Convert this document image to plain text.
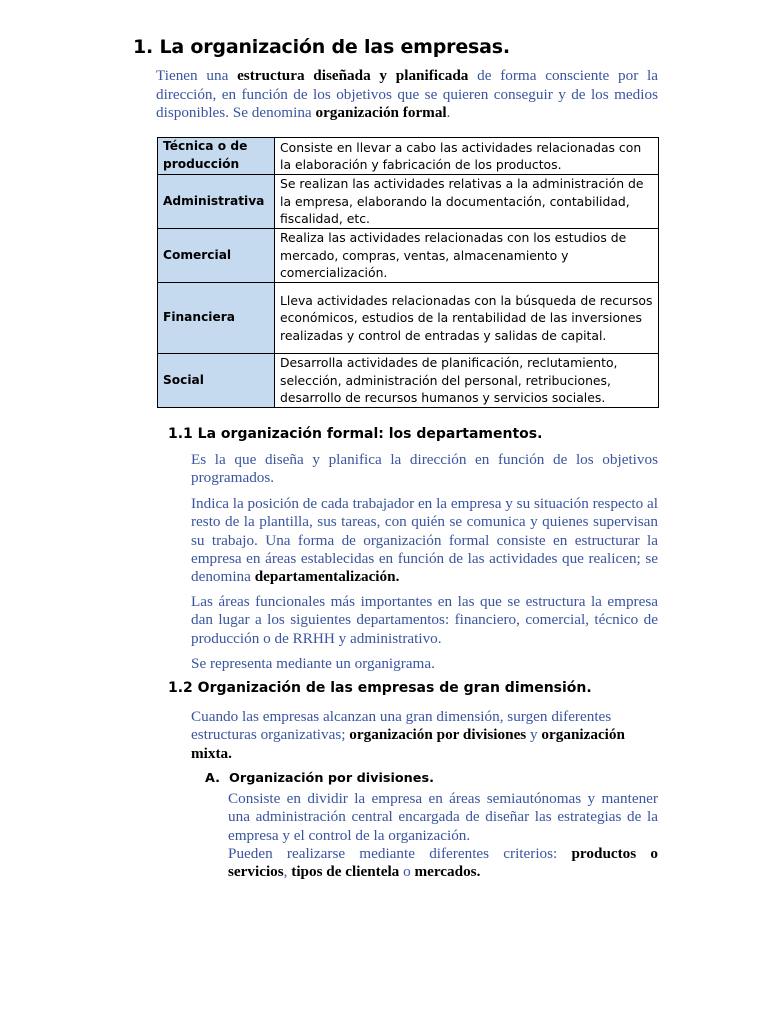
1. La organización de las empresas.

Tienen una estructura diseñada y planificada de forma consciente por la dirección, en función de los objetivos que se quieren conseguir y de los medios disponibles. Se denomina organización formal.

Técnica o de producción	Consiste en llevar a cabo las actividades relacionadas con la elaboración y fabricación de los productos.
Administrativa	Se realizan las actividades relativas a la administración de la empresa, elaborando la documentación, contabilidad, fiscalidad, etc.
Comercial	Realiza las actividades relacionadas con los estudios de mercado, compras, ventas, almacenamiento y comercialización.
Financiera	Lleva actividades relacionadas con la búsqueda de recursos económicos, estudios de la rentabilidad de las inversiones realizadas y control de entradas y salidas de capital.
Social	Desarrolla actividades de planificación, reclutamiento, selección, administración del personal, retribuciones, desarrollo de recursos humanos y servicios sociales.
1.1 La organización formal: los departamentos.

Es la que diseña y planifica la dirección en función de los objetivos programados.

Indica la posición de cada trabajador en la empresa y su situación respecto al resto de la plantilla, sus tareas, con quién se comunica y quienes supervisan su trabajo. Una forma de organización formal consiste en estructurar la empresa en áreas establecidas en función de las actividades que realicen; se denomina departamentalización.

Las áreas funcionales más importantes en las que se estructura la empresa dan lugar a los siguientes departamentos: financiero, comercial, técnico de producción o de RRHH y administrativo.

Se representa mediante un organigrama.

1.2 Organización de las empresas de gran dimensión.

Cuando las empresas alcanzan una gran dimensión, surgen diferentes estructuras organizativas; organización por divisiones y organización mixta.

A. Organización por divisiones.

Consiste en dividir la empresa en áreas semiautónomas y mantener una administración central encargada de diseñar las estrategias de la empresa y el control de la organización.

Pueden realizarse mediante diferentes criterios: productos o servicios, tipos de clientela o mercados.
